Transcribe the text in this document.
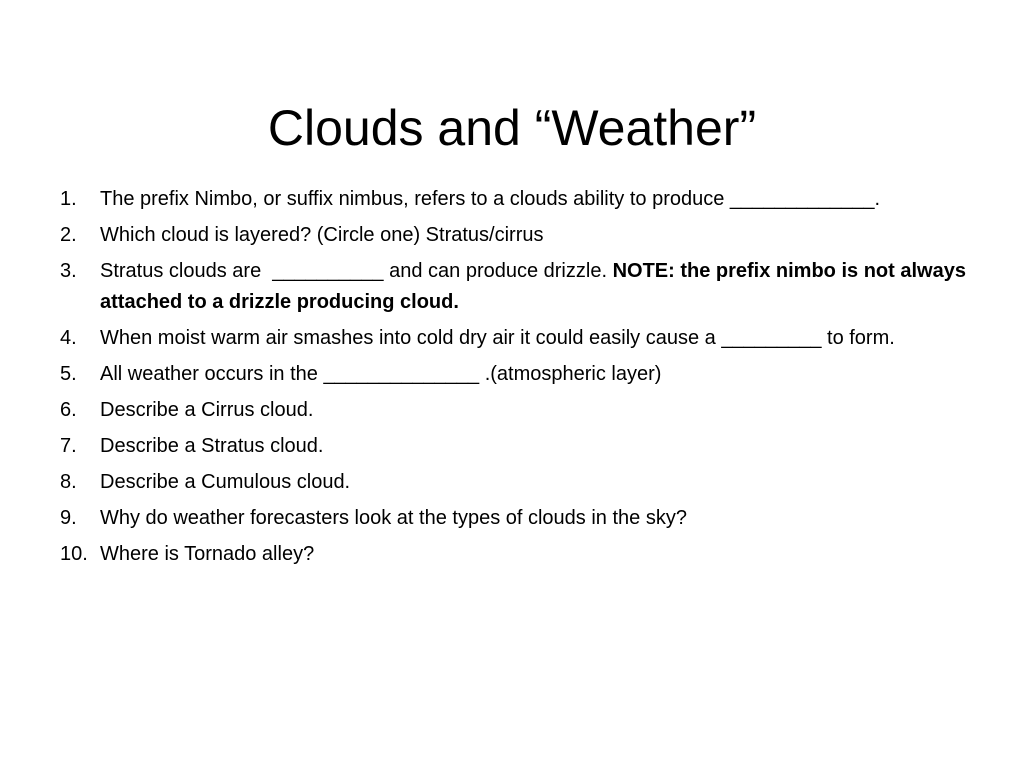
Clouds and “Weather”
1.	The prefix Nimbo, or suffix nimbus, refers to a clouds ability to produce _____________.
2.	Which cloud is layered? (Circle one) Stratus/cirrus
3.	Stratus clouds are  __________ and can produce drizzle. NOTE: the prefix nimbo is not always attached to a drizzle producing cloud.
4.	When moist warm air smashes into cold dry air it could easily cause a _________ to form.
5.	All weather occurs in the ______________ .(atmospheric layer)
6.	Describe a Cirrus cloud.
7.	Describe a Stratus cloud.
8.	Describe a Cumulous cloud.
9.	Why do weather forecasters look at the types of clouds in the sky?
10. Where is Tornado alley?
